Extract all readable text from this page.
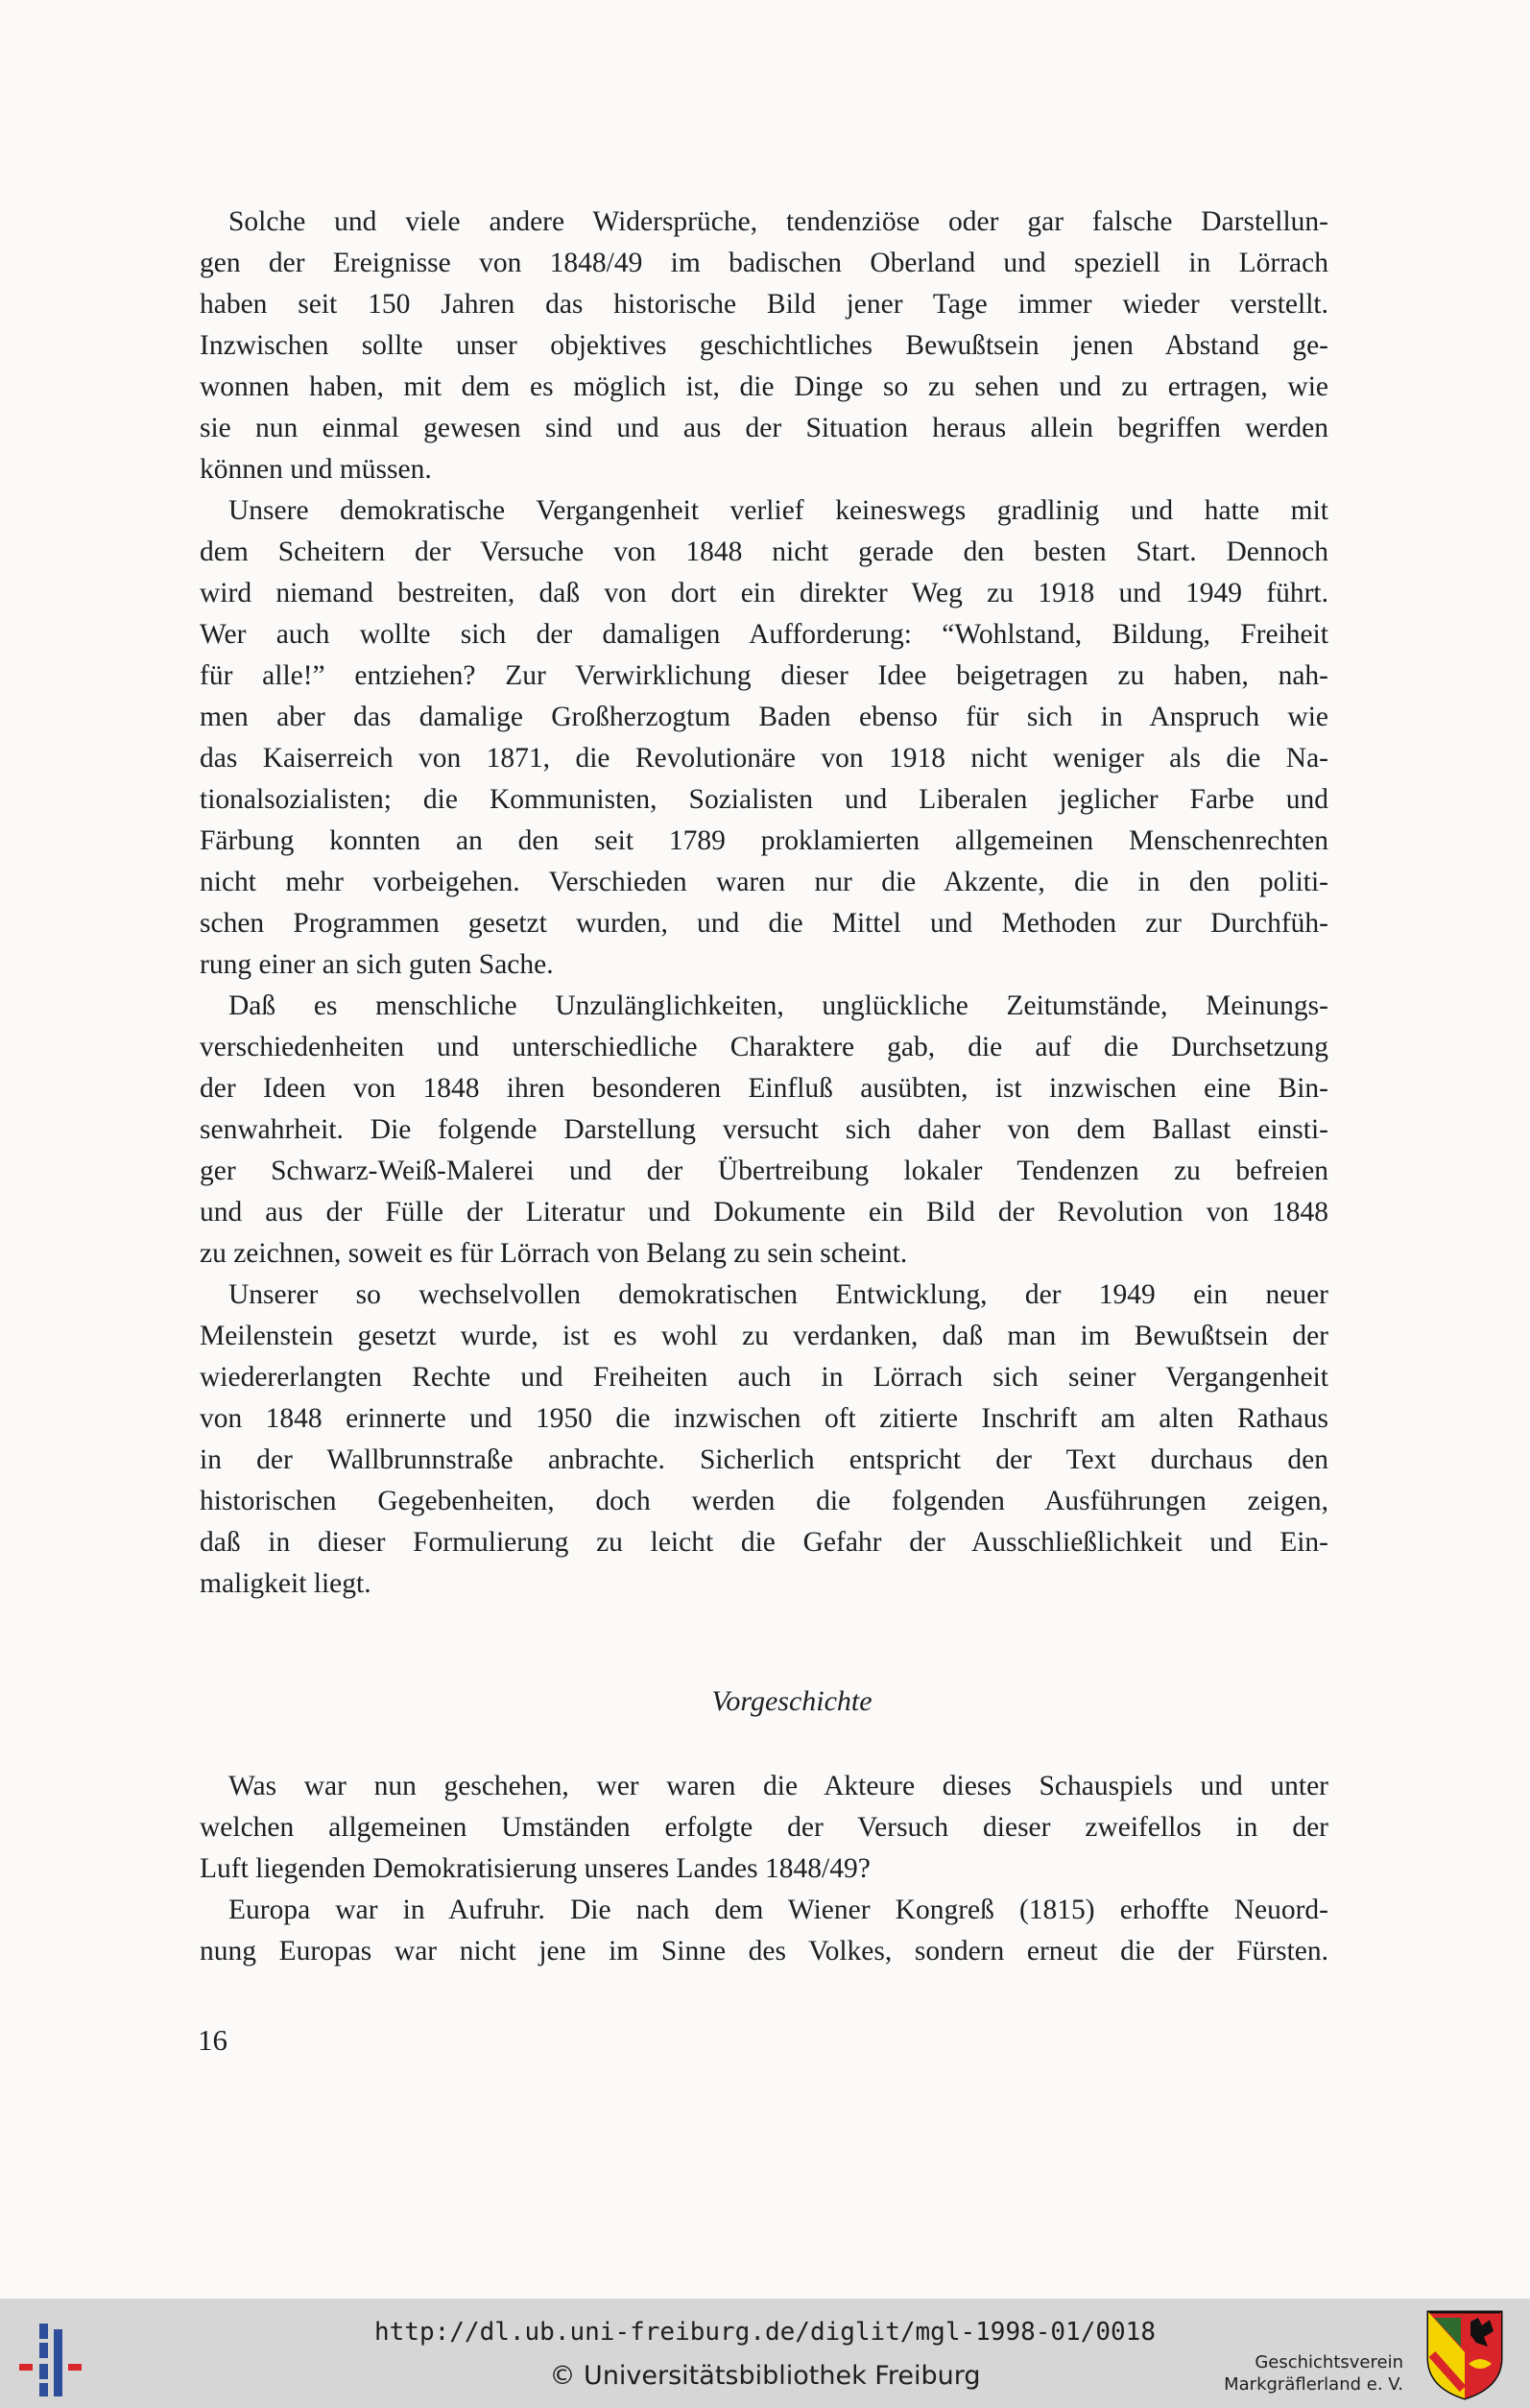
Solche und viele andere Widersprüche, tendenziöse oder gar falsche Darstellun-
gen der Ereignisse von 1848/49 im badischen Oberland und speziell in Lörrach
haben seit 150 Jahren das historische Bild jener Tage immer wieder verstellt.
Inzwischen sollte unser objektives geschichtliches Bewußtsein jenen Abstand ge-
wonnen haben, mit dem es möglich ist, die Dinge so zu sehen und zu ertragen, wie
sie nun einmal gewesen sind und aus der Situation heraus allein begriffen werden
können und müssen.
Unsere demokratische Vergangenheit verlief keineswegs gradlinig und hatte mit
dem Scheitern der Versuche von 1848 nicht gerade den besten Start. Dennoch
wird niemand bestreiten, daß von dort ein direkter Weg zu 1918 und 1949 führt.
Wer auch wollte sich der damaligen Aufforderung: “Wohlstand, Bildung, Freiheit
für alle!” entziehen? Zur Verwirklichung dieser Idee beigetragen zu haben, nah-
men aber das damalige Großherzogtum Baden ebenso für sich in Anspruch wie
das Kaiserreich von 1871, die Revolutionäre von 1918 nicht weniger als die Na-
tionalsozialisten; die Kommunisten, Sozialisten und Liberalen jeglicher Farbe und
Färbung konnten an den seit 1789 proklamierten allgemeinen Menschenrechten
nicht mehr vorbeigehen. Verschieden waren nur die Akzente, die in den politi-
schen Programmen gesetzt wurden, und die Mittel und Methoden zur Durchfüh-
rung einer an sich guten Sache.
Daß es menschliche Unzulänglichkeiten, unglückliche Zeitumstände, Meinungs-
verschiedenheiten und unterschiedliche Charaktere gab, die auf die Durchsetzung
der Ideen von 1848 ihren besonderen Einfluß ausübten, ist inzwischen eine Bin-
senwahrheit. Die folgende Darstellung versucht sich daher von dem Ballast einsti-
ger Schwarz-Weiß-Malerei und der Übertreibung lokaler Tendenzen zu befreien
und aus der Fülle der Literatur und Dokumente ein Bild der Revolution von 1848
zu zeichnen, soweit es für Lörrach von Belang zu sein scheint.
Unserer so wechselvollen demokratischen Entwicklung, der 1949 ein neuer
Meilenstein gesetzt wurde, ist es wohl zu verdanken, daß man im Bewußtsein der
wiedererlangten Rechte und Freiheiten auch in Lörrach sich seiner Vergangenheit
von 1848 erinnerte und 1950 die inzwischen oft zitierte Inschrift am alten Rathaus
in der Wallbrunnstraße anbrachte. Sicherlich entspricht der Text durchaus den
historischen Gegebenheiten, doch werden die folgenden Ausführungen zeigen,
daß in dieser Formulierung zu leicht die Gefahr der Ausschließlichkeit und Ein-
maligkeit liegt.
Vorgeschichte
Was war nun geschehen, wer waren die Akteure dieses Schauspiels und unter
welchen allgemeinen Umständen erfolgte der Versuch dieser zweifellos in der
Luft liegenden Demokratisierung unseres Landes 1848/49?
Europa war in Aufruhr. Die nach dem Wiener Kongreß (1815) erhoffte Neuord-
nung Europas war nicht jene im Sinne des Volkes, sondern erneut die der Fürsten.
16
http://dl.ub.uni-freiburg.de/diglit/mgl-1998-01/0018
© Universitätsbibliothek Freiburg	Geschichtsverein
Markgräflerland e. V.
